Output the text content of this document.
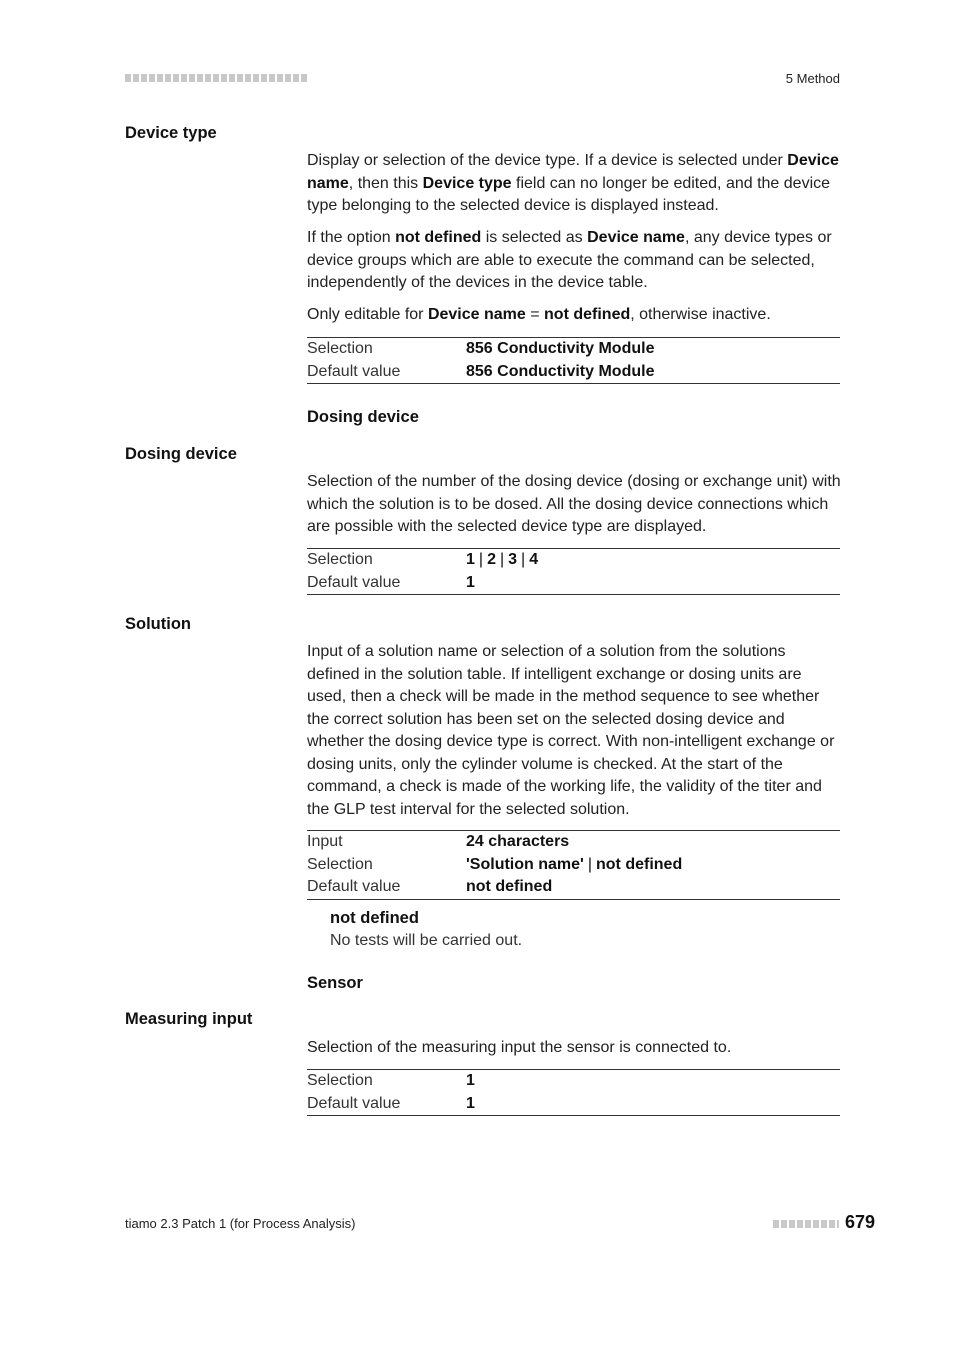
5 Method
Device type
Display or selection of the device type. If a device is selected under Device name, then this Device type field can no longer be edited, and the device type belonging to the selected device is displayed instead.
If the option not defined is selected as Device name, any device types or device groups which are able to execute the command can be selected, independently of the devices in the device table.
Only editable for Device name = not defined, otherwise inactive.
Selection	856 Conductivity Module
Default value	856 Conductivity Module
Dosing device
Dosing device
Selection of the number of the dosing device (dosing or exchange unit) with which the solution is to be dosed. All the dosing device connections which are possible with the selected device type are displayed.
Selection	1 | 2 | 3 | 4
Default value	1
Solution
Input of a solution name or selection of a solution from the solutions defined in the solution table. If intelligent exchange or dosing units are used, then a check will be made in the method sequence to see whether the correct solution has been set on the selected dosing device and whether the dosing device type is correct. With non-intelligent exchange or dosing units, only the cylinder volume is checked. At the start of the command, a check is made of the working life, the validity of the titer and the GLP test interval for the selected solution.
Input	24 characters
Selection	'Solution name' | not defined
Default value	not defined
not defined
No tests will be carried out.
Sensor
Measuring input
Selection of the measuring input the sensor is connected to.
Selection	1
Default value	1
tiamo 2.3 Patch 1 (for Process Analysis)	679
